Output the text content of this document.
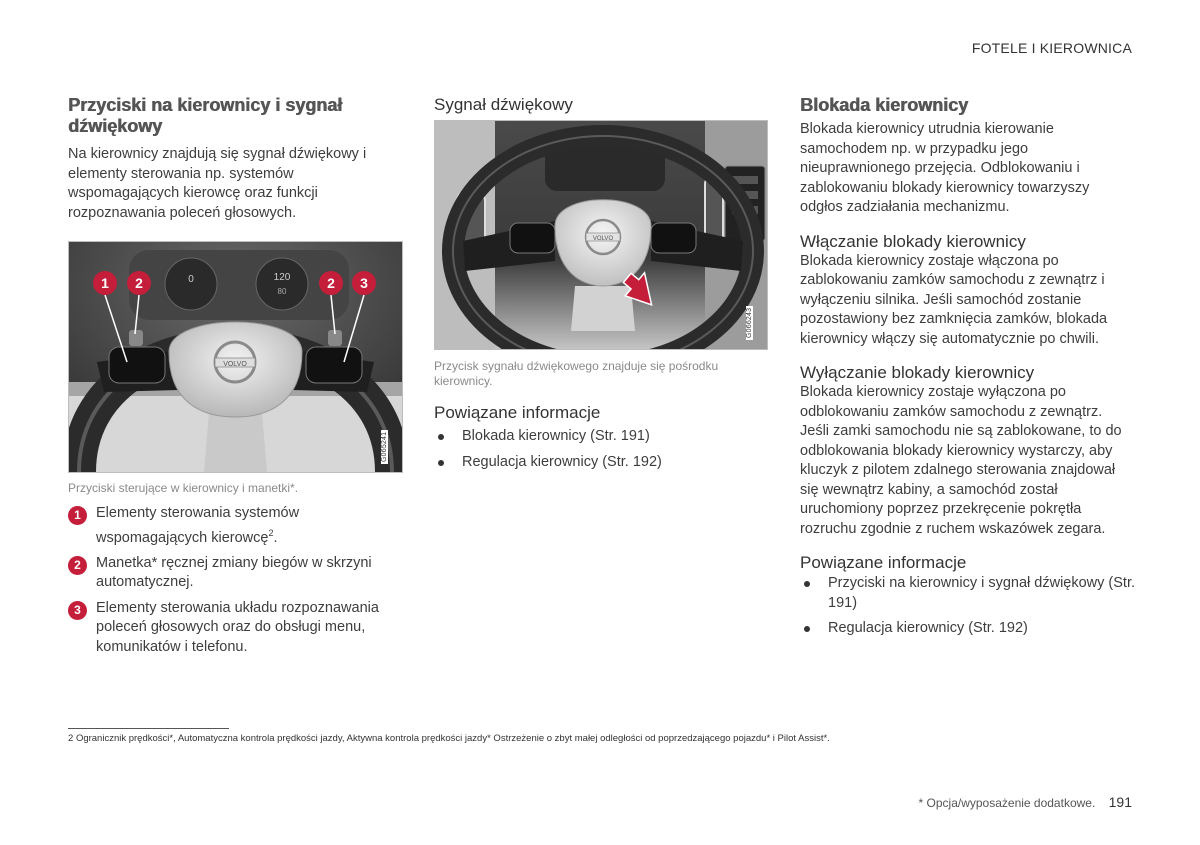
FOTELE I KIEROWNICA
Przyciski na kierownicy i sygnał dźwiękowy

Na kierownicy znajdują się sygnał dźwiękowy i elementy sterowania np. systemów wspomagających kierowcę oraz funkcji rozpoznawania poleceń głosowych.

0	120
80
VOLVO
1 2	2 3
G065241
Przyciski sterujące w kierownicy i manetki*.
1	Elementy sterowania systemów wspomagających kierowcę$^2$.
2	Manetka* ręcznej zmiany biegów w skrzyni automatycznej.
3	Elementy sterowania układu rozpoznawania poleceń głosowych oraz do obsługi menu, komunikatów i telefonu.
Sygnał dźwiękowy
VOLVO
G066243
Przycisk sygnału dźwiękowego znajduje się pośrodku kierownicy.
Powiązane informacje
Blokada kierownicy (Str. 191)
Regulacja kierownicy (Str. 192)
Blokada kierownicy

Blokada kierownicy utrudnia kierowanie samochodem np. w przypadku jego nieuprawnionego przejęcia. Odblokowaniu i zablokowaniu blokady kierownicy towarzyszy odgłos zadziałania mechanizmu.

Włączanie blokady kierownicy

Blokada kierownicy zostaje włączona po zablokowaniu zamków samochodu z zewnątrz i wyłączeniu silnika. Jeśli samochód zostanie pozostawiony bez zamknięcia zamków, blokada kierownicy włączy się automatycznie po chwili.

Wyłączanie blokady kierownicy

Blokada kierownicy zostaje wyłączona po odblokowaniu zamków samochodu z zewnątrz. Jeśli zamki samochodu nie są zablokowane, to do odblokowania blokady kierownicy wystarczy, aby kluczyk z pilotem zdalnego sterowania znajdował się wewnątrz kabiny, a samochód został uruchomiony poprzez przekręcenie pokrętła rozruchu zgodnie z ruchem wskazówek zegara.

Powiązane informacje
Przyciski na kierownicy i sygnał dźwiękowy (Str. 191)
Regulacja kierownicy (Str. 192)
2 Ogranicznik prędkości*, Automatyczna kontrola prędkości jazdy, Aktywna kontrola prędkości jazdy* Ostrzeżenie o zbyt małej odległości od poprzedzającego pojazdu* i Pilot Assist*.
* Opcja/wyposażenie dodatkowe. 191
